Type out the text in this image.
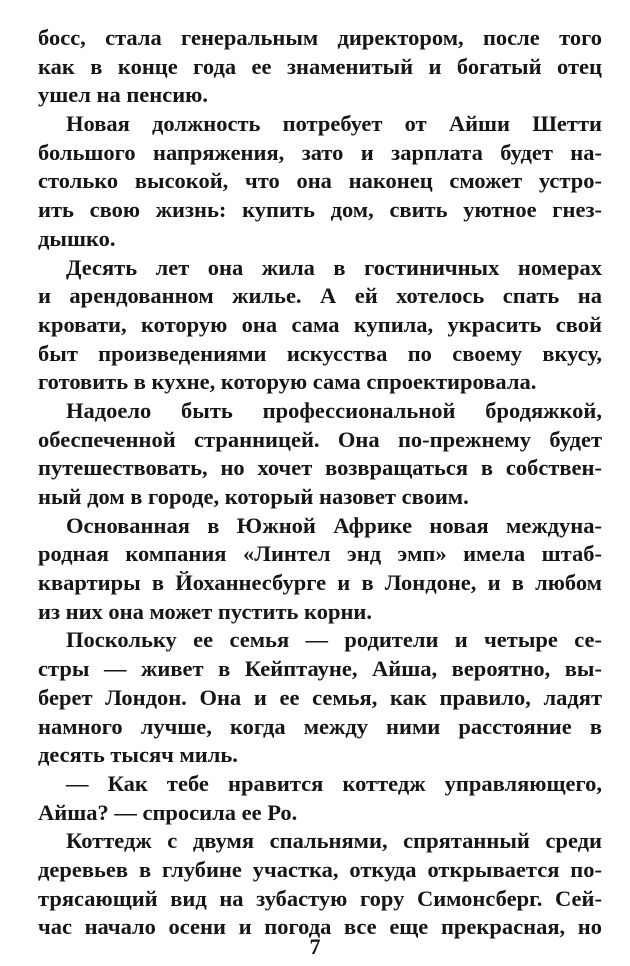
босс, стала генеральным директором, после того
как в конце года ее знаменитый и богатый отец
ушел на пенсию.
Новая должность потребует от Айши Шетти
большого напряжения, зато и зарплата будет на-
столько высокой, что она наконец сможет устро-
ить свою жизнь: купить дом, свить уютное гнез-
дышко.
Десять лет она жила в гостиничных номерах
и арендованном жилье. А ей хотелось спать на
кровати, которую она сама купила, украсить свой
быт произведениями искусства по своему вкусу,
готовить в кухне, которую сама спроектировала.
Надоело быть профессиональной бродяжкой,
обеспеченной странницей. Она по-прежнему будет
путешествовать, но хочет возвращаться в собствен-
ный дом в городе, который назовет своим.
Основанная в Южной Африке новая междуна-
родная компания «Линтел энд эмп» имела штаб-
квартиры в Йоханнесбурге и в Лондоне, и в любом
из них она может пустить корни.
Поскольку ее семья — родители и четыре се-
стры — живет в Кейптауне, Айша, вероятно, вы-
берет Лондон. Она и ее семья, как правило, ладят
намного лучше, когда между ними расстояние в
десять тысяч миль.
— Как тебе нравится коттедж управляющего,
Айша? — спросила ее Ро.
Коттедж с двумя спальнями, спрятанный среди
деревьев в глубине участка, откуда открывается по-
трясающий вид на зубастую гору Симонсберг. Сей-
час начало осени и погода все еще прекрасная, но
7
